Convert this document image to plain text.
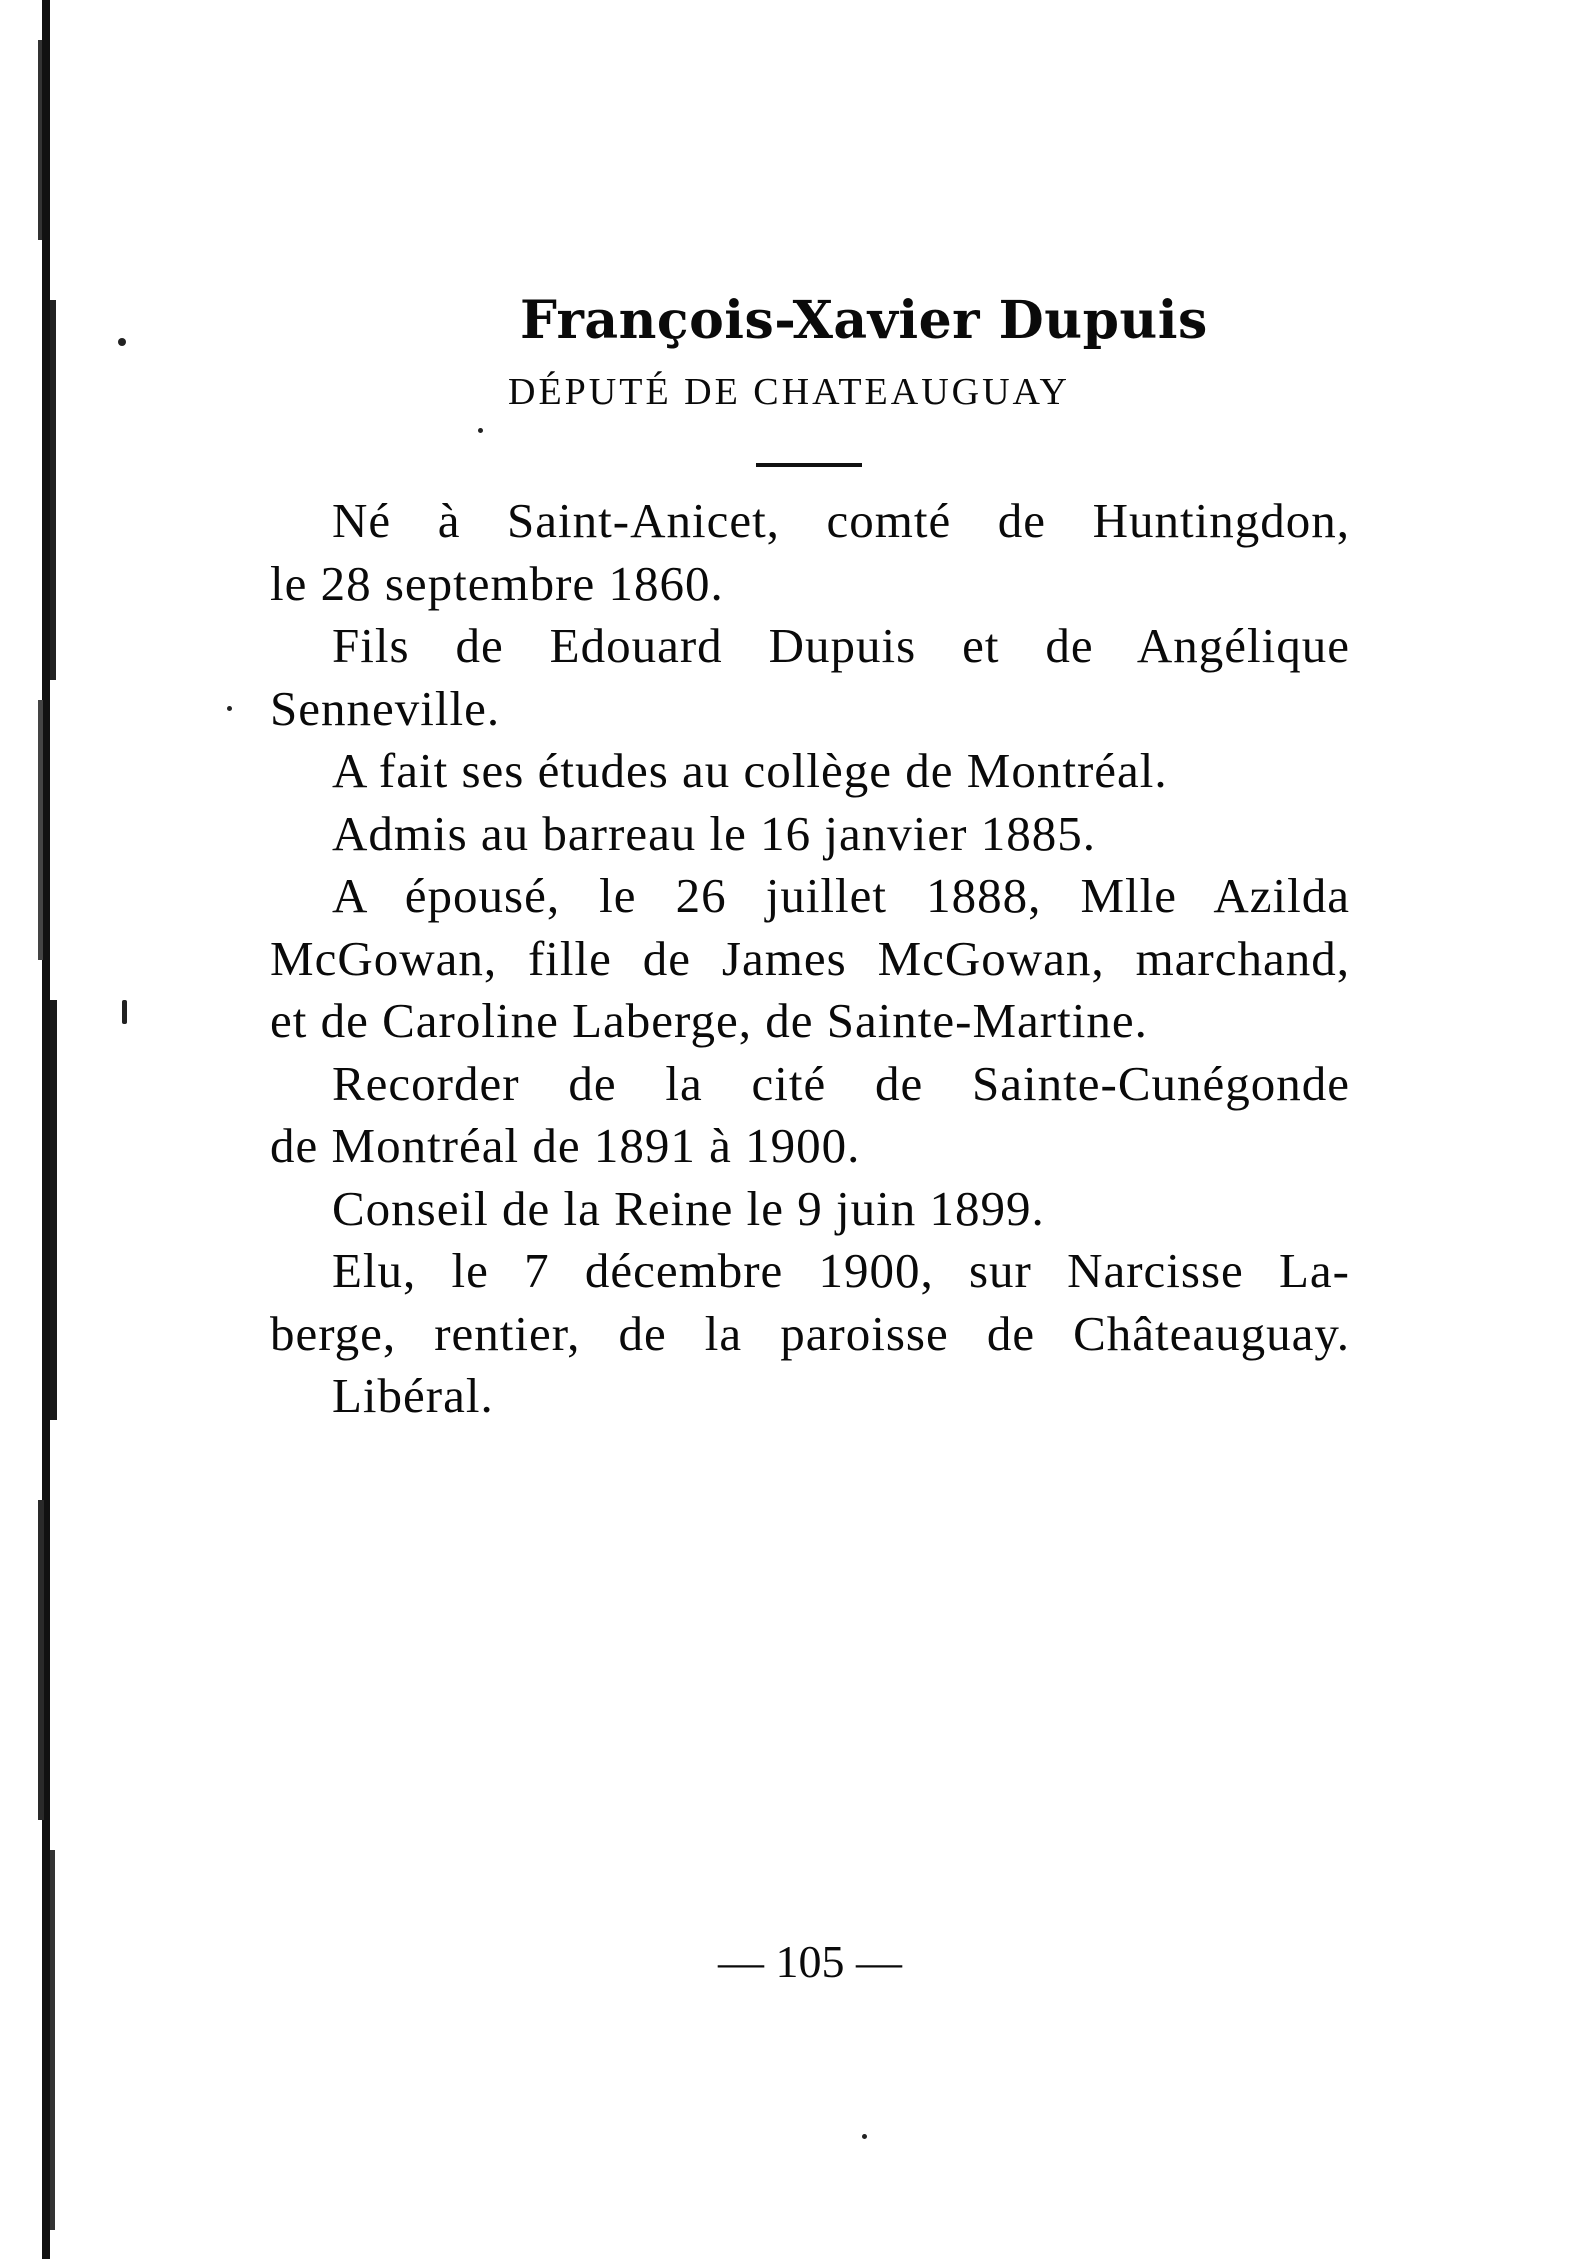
François-Xavier Dupuis
DÉPUTÉ DE CHATEAUGUAY
Né à Saint-Anicet, comté de Huntingdon,
le 28 septembre 1860.
Fils de Edouard Dupuis et de Angélique
Senneville.
A fait ses études au collège de Montréal.
Admis au barreau le 16 janvier 1885.
A épousé, le 26 juillet 1888, Mlle Azilda
McGowan, fille de James McGowan, marchand,
et de Caroline Laberge, de Sainte-Martine.
Recorder de la cité de Sainte-Cunégonde
de Montréal de 1891 à 1900.
Conseil de la Reine le 9 juin 1899.
Elu, le 7 décembre 1900, sur Narcisse La-
berge, rentier, de la paroisse de Châteauguay.
Libéral.
— 105 —
